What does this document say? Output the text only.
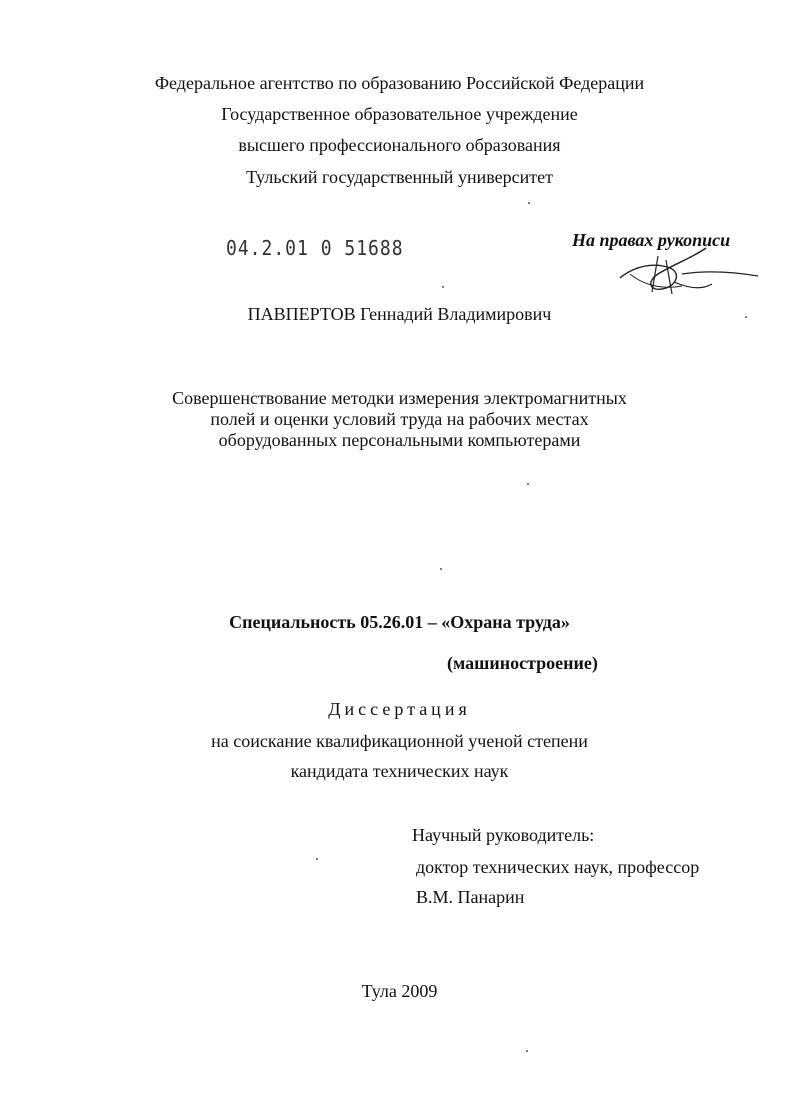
Федеральное агентство по образованию Российской Федерации
Государственное образовательное учреждение
высшего профессионального образования
Тульский государственный университет
04.2.01 0 51688	На правах рукописи
ПАВПЕРТОВ Геннадий Владимирович
Совершенствование методки измерения электромагнитных
полей и оценки условий труда на рабочих местах
оборудованных персональными компьютерами
Специальность 05.26.01 – «Охрана труда»
(машиностроение)
Диссертация
на соискание квалификационной ученой степени
кандидата технических наук
Научный руководитель:
доктор технических наук, профессор
В.М. Панарин
Тула 2009
